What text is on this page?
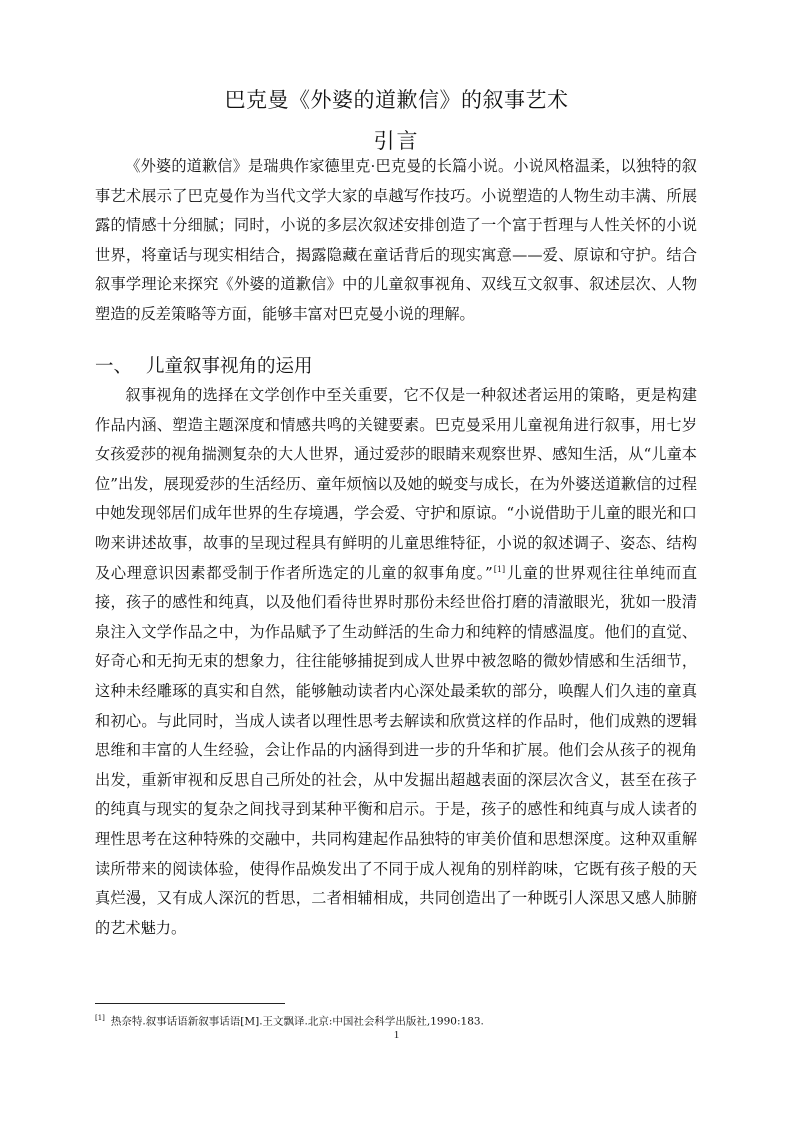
巴克曼《外婆的道歉信》的叙事艺术
引言

《外婆的道歉信》是瑞典作家德里克·巴克曼的长篇小说。小说风格温柔，以独特的叙事艺术展示了巴克曼作为当代文学大家的卓越写作技巧。小说塑造的人物生动丰满、所展露的情感十分细腻；同时，小说的多层次叙述安排创造了一个富于哲理与人性关怀的小说世界，将童话与现实相结合，揭露隐藏在童话背后的现实寓意——爱、原谅和守护。结合叙事学理论来探究《外婆的道歉信》中的儿童叙事视角、双线互文叙事、叙述层次、人物塑造的反差策略等方面，能够丰富对巴克曼小说的理解。

一、 儿童叙事视角的运用

叙事视角的选择在文学创作中至关重要，它不仅是一种叙述者运用的策略，更是构建作品内涵、塑造主题深度和情感共鸣的关键要素。巴克曼采用儿童视角进行叙事，用七岁女孩爱莎的视角揣测复杂的大人世界，通过爱莎的眼睛来观察世界、感知生活，从“儿童本位”出发，展现爱莎的生活经历、童年烦恼以及她的蜕变与成长，在为外婆送道歉信的过程中她发现邻居们成年世界的生存境遇，学会爱、守护和原谅。“小说借助于儿童的眼光和口吻来讲述故事，故事的呈现过程具有鲜明的儿童思维特征，小说的叙述调子、姿态、结构及心理意识因素都受制于作者所选定的儿童的叙事角度。”[1]儿童的世界观往往单纯而直接，孩子的感性和纯真，以及他们看待世界时那份未经世俗打磨的清澈眼光，犹如一股清泉注入文学作品之中，为作品赋予了生动鲜活的生命力和纯粹的情感温度。他们的直觉、好奇心和无拘无束的想象力，往往能够捕捉到成人世界中被忽略的微妙情感和生活细节，这种未经雕琢的真实和自然，能够触动读者内心深处最柔软的部分，唤醒人们久违的童真和初心。与此同时，当成人读者以理性思考去解读和欣赏这样的作品时，他们成熟的逻辑思维和丰富的人生经验，会让作品的内涵得到进一步的升华和扩展。他们会从孩子的视角出发，重新审视和反思自己所处的社会，从中发掘出超越表面的深层次含义，甚至在孩子的纯真与现实的复杂之间找寻到某种平衡和启示。于是，孩子的感性和纯真与成人读者的理性思考在这种特殊的交融中，共同构建起作品独特的审美价值和思想深度。这种双重解读所带来的阅读体验，使得作品焕发出了不同于成人视角的别样韵味，它既有孩子般的天真烂漫，又有成人深沉的哲思，二者相辅相成，共同创造出了一种既引人深思又感人肺腑的艺术魅力。

[1] 热奈特.叙事话语新叙事话语[M].王文飘译.北京:中国社会科学出版社,1990:183.
1
